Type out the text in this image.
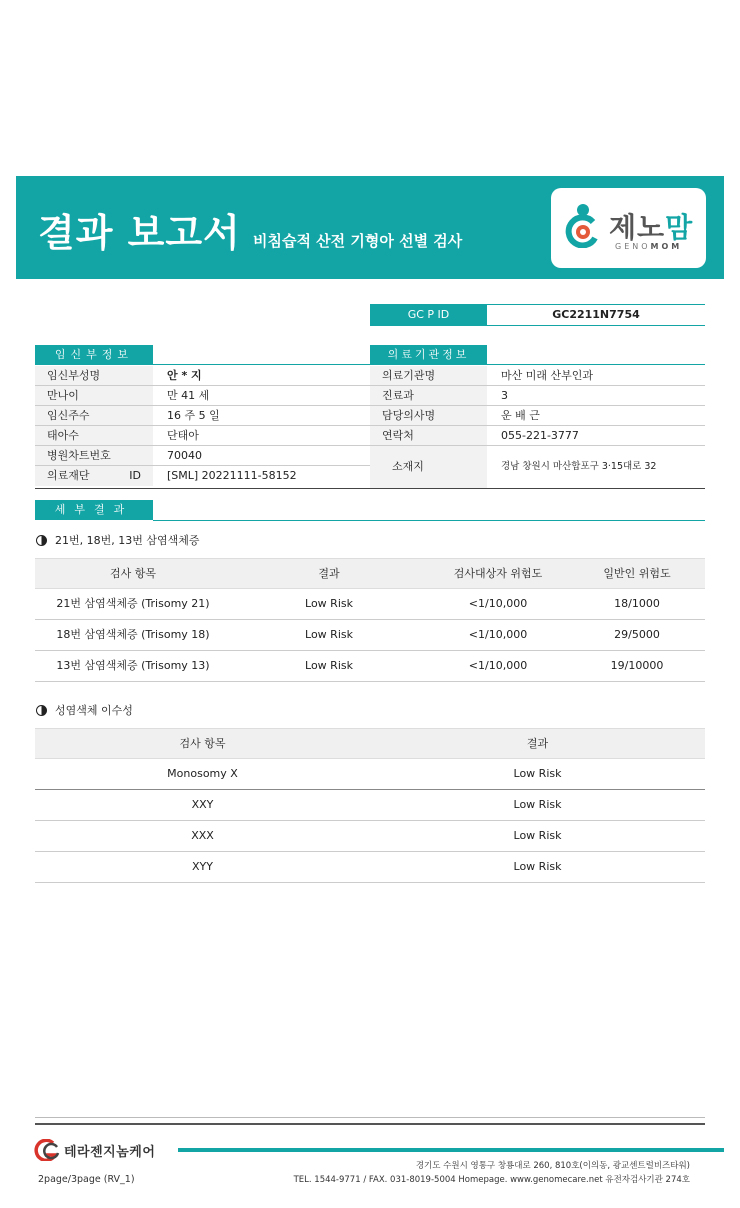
결과 보고서 비침습적 산전 기형아 선별 검사	제노맘
GENOMOM
GC P ID	GC2211N7754
임신부정보
임신부성명	안 * 지
만나이	만 41 세
임신주수	16 주 5 일
태아수	단태아
병원차트번호	70040
의료재단 ID	[SML] 20221111-58152
의료기관정보
의료기관명	마산 미래 산부인과
진료과	3
담당의사명	운 배 근
연락처	055-221-3777
소재지	경남 창원시 마산합포구 3·15대로 32
세부결과
21번, 18번, 13번 삼염색체증
검사 항목	결과	검사대상자 위험도	일반인 위험도
21번 삼염색체증 (Trisomy 21)	Low Risk	<1/10,000	18/1000
18번 삼염색체증 (Trisomy 18)	Low Risk	<1/10,000	29/5000
13번 삼염색체증 (Trisomy 13)	Low Risk	<1/10,000	19/10000
성염색체 이수성
검사 항목	결과
Monosomy X	Low Risk
XXY	Low Risk
XXX	Low Risk
XYY	Low Risk
테라젠지놈케어
경기도 수원시 영통구 창룡대로 260, 810호(이의동, 광교센트럴비즈타워)
TEL. 1544-9771 / FAX. 031-8019-5004 Homepage. www.genomecare.net 유전자검사기관 274호
2page/3page (RV_1)
